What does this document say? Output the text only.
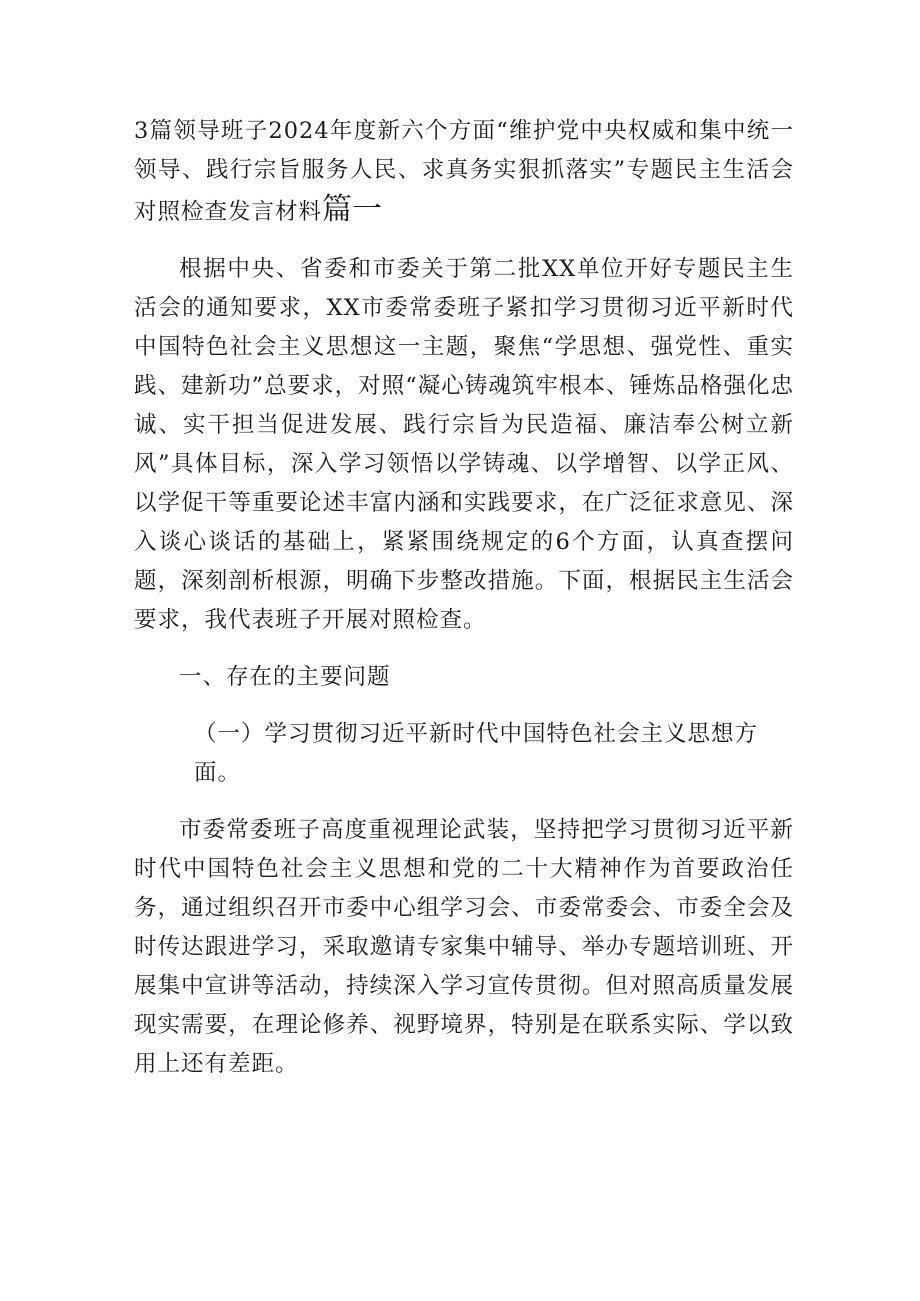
3篇领导班子2024年度新六个方面“维护党中央权威和集中统一领导、践行宗旨服务人民、求真务实狠抓落实”专题民主生活会对照检查发言材料篇一

根据中央、省委和市委关于第二批XX单位开好专题民主生活会的通知要求，XX市委常委班子紧扣学习贯彻习近平新时代中国特色社会主义思想这一主题，聚焦“学思想、强党性、重实践、建新功”总要求，对照“凝心铸魂筑牢根本、锤炼品格强化忠诚、实干担当促进发展、践行宗旨为民造福、廉洁奉公树立新风”具体目标，深入学习领悟以学铸魂、以学增智、以学正风、以学促干等重要论述丰富内涵和实践要求，在广泛征求意见、深入谈心谈话的基础上，紧紧围绕规定的6个方面，认真查摆问题，深刻剖析根源，明确下步整改措施。下面，根据民主生活会要求，我代表班子开展对照检查。

一、存在的主要问题

（一）学习贯彻习近平新时代中国特色社会主义思想方面。

市委常委班子高度重视理论武装，坚持把学习贯彻习近平新时代中国特色社会主义思想和党的二十大精神作为首要政治任务，通过组织召开市委中心组学习会、市委常委会、市委全会及时传达跟进学习，采取邀请专家集中辅导、举办专题培训班、开展集中宣讲等活动，持续深入学习宣传贯彻。但对照高质量发展现实需要，在理论修养、视野境界，特别是在联系实际、学以致用上还有差距。
